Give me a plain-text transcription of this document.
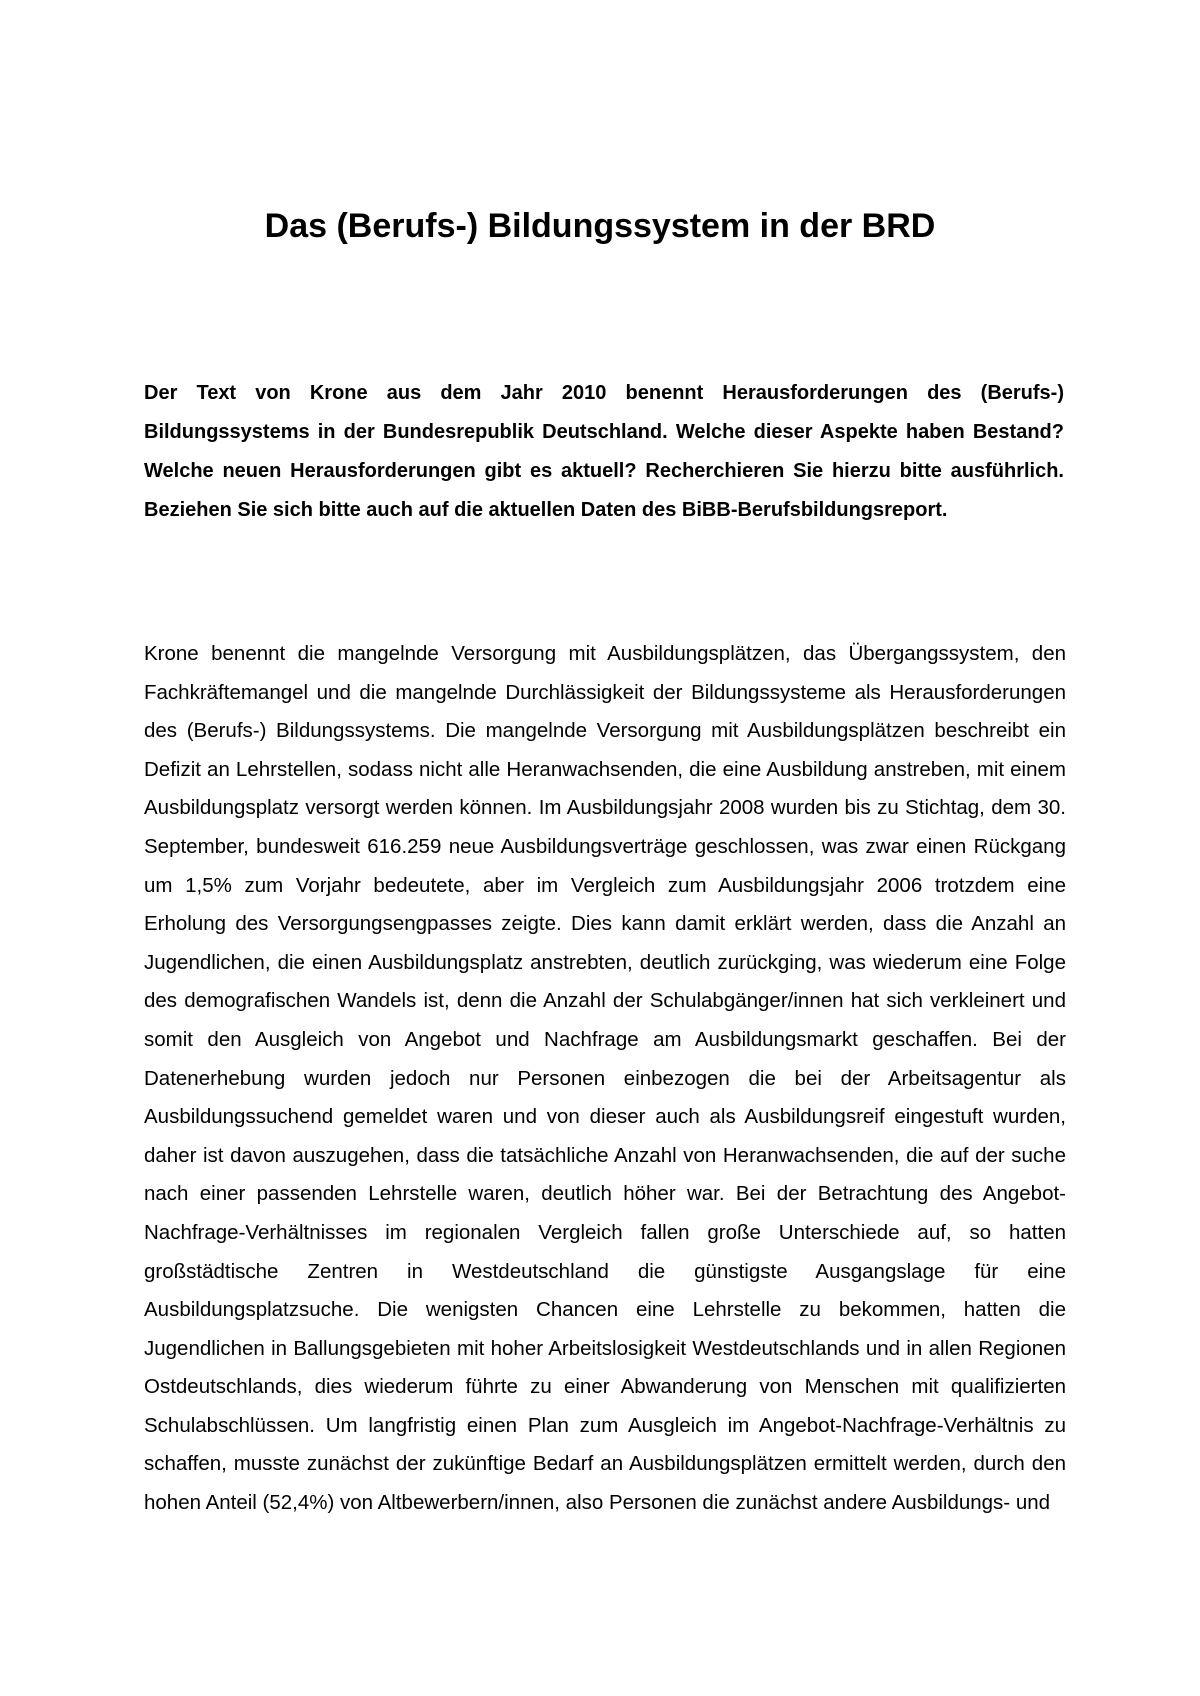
Das (Berufs-) Bildungssystem in der BRD

Der Text von Krone aus dem Jahr 2010 benennt Herausforderungen des (Berufs-) Bildungssystems in der Bundesrepublik Deutschland. Welche dieser Aspekte haben Bestand? Welche neuen Herausforderungen gibt es aktuell? Recherchieren Sie hierzu bitte ausführlich. Beziehen Sie sich bitte auch auf die aktuellen Daten des BiBB-Berufsbildungsreport.

Krone benennt die mangelnde Versorgung mit Ausbildungsplätzen, das Übergangssystem, den Fachkräftemangel und die mangelnde Durchlässigkeit der Bildungssysteme als Herausforderungen des (Berufs-) Bildungssystems. Die mangelnde Versorgung mit Ausbildungsplätzen beschreibt ein Defizit an Lehrstellen, sodass nicht alle Heranwachsenden, die eine Ausbildung anstreben, mit einem Ausbildungsplatz versorgt werden können. Im Ausbildungsjahr 2008 wurden bis zu Stichtag, dem 30. September, bundesweit 616.259 neue Ausbildungsverträge geschlossen, was zwar einen Rückgang um 1,5% zum Vorjahr bedeutete, aber im Vergleich zum Ausbildungsjahr 2006 trotzdem eine Erholung des Versorgungsengpasses zeigte. Dies kann damit erklärt werden, dass die Anzahl an Jugendlichen, die einen Ausbildungsplatz anstrebten, deutlich zurückging, was wiederum eine Folge des demografischen Wandels ist, denn die Anzahl der Schulabgänger/innen hat sich verkleinert und somit den Ausgleich von Angebot und Nachfrage am Ausbildungsmarkt geschaffen. Bei der Datenerhebung wurden jedoch nur Personen einbezogen die bei der Arbeitsagentur als Ausbildungssuchend gemeldet waren und von dieser auch als Ausbildungsreif eingestuft wurden, daher ist davon auszugehen, dass die tatsächliche Anzahl von Heranwachsenden, die auf der suche nach einer passenden Lehrstelle waren, deutlich höher war. Bei der Betrachtung des Angebot-Nachfrage-Verhältnisses im regionalen Vergleich fallen große Unterschiede auf, so hatten großstädtische Zentren in Westdeutschland die günstigste Ausgangslage für eine Ausbildungsplatzsuche. Die wenigsten Chancen eine Lehrstelle zu bekommen, hatten die Jugendlichen in Ballungsgebieten mit hoher Arbeitslosigkeit Westdeutschlands und in allen Regionen Ostdeutschlands, dies wiederum führte zu einer Abwanderung von Menschen mit qualifizierten Schulabschlüssen. Um langfristig einen Plan zum Ausgleich im Angebot-Nachfrage-Verhältnis zu schaffen, musste zunächst der zukünftige Bedarf an Ausbildungsplätzen ermittelt werden, durch den hohen Anteil (52,4%) von Altbewerbern/innen, also Personen die zunächst andere Ausbildungs- und
